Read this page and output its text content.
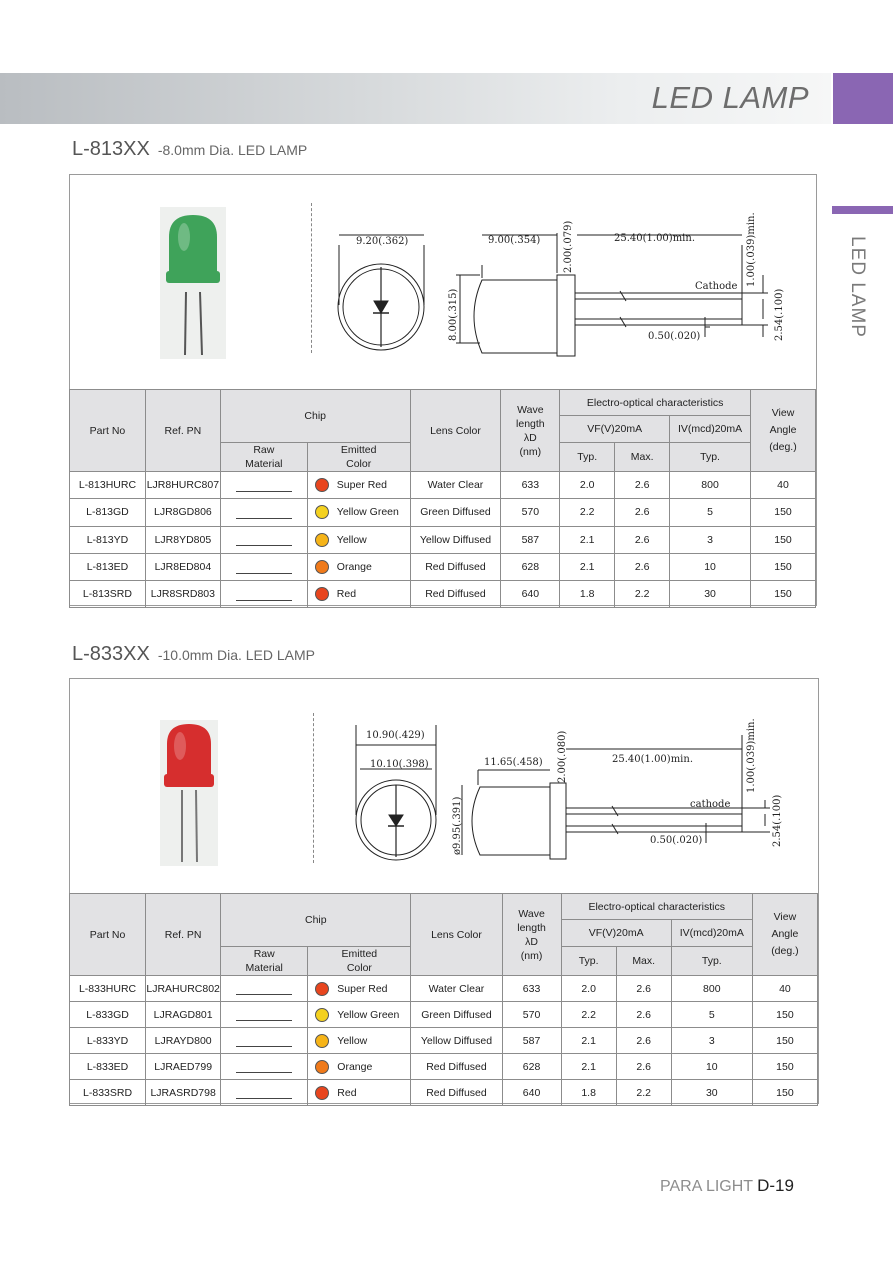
LED LAMP
LED LAMP
L-813XX -8.0mm Dia. LED LAMP
9.20(.362)	9.00(.354)	25.40(1.00)min.
Cathode
0.50(.020)
8.00(.315)
2.00(.079)	1.00(.039)min.
2.54(.100)
Part No	Ref. PN	Chip		Lens Color	Wave length λD (nm)	Electro-optical characteristics			View Angle (deg.)
						VF(V)20mA		IV(mcd)20mA	
		Raw Material	Emitted Color			Typ.	Max.	Typ.	
L-813HURC	LJR8HURC807		Super Red	Water Clear	633	2.0	2.6	800	40
L-813GD	LJR8GD806		Yellow Green	Green Diffused	570	2.2	2.6	5	150
L-813YD	LJR8YD805		Yellow	Yellow Diffused	587	2.1	2.6	3	150
L-813ED	LJR8ED804		Orange	Red Diffused	628	2.1	2.6	10	150
L-813SRD	LJR8SRD803		Red	Red Diffused	640	1.8	2.2	30	150
L-833XX -10.0mm Dia. LED LAMP
10.90(.429)
10.10(.398)	11.65(.458)	25.40(1.00)min.
cathode
0.50(.020)
ø9.95(.391)
2.00(.080)	1.00(.039)min.
2.54(.100)
Part No	Ref. PN	Chip		Lens Color	Wave length λD (nm)	Electro-optical characteristics			View Angle (deg.)
						VF(V)20mA		IV(mcd)20mA	
		Raw Material	Emitted Color			Typ.	Max.	Typ.	
L-833HURC	LJRAHURC802		Super Red	Water Clear	633	2.0	2.6	800	40
L-833GD	LJRAGD801		Yellow Green	Green Diffused	570	2.2	2.6	5	150
L-833YD	LJRAYD800		Yellow	Yellow Diffused	587	2.1	2.6	3	150
L-833ED	LJRAED799		Orange	Red Diffused	628	2.1	2.6	10	150
L-833SRD	LJRASRD798		Red	Red Diffused	640	1.8	2.2	30	150
PARA LIGHT D-19
